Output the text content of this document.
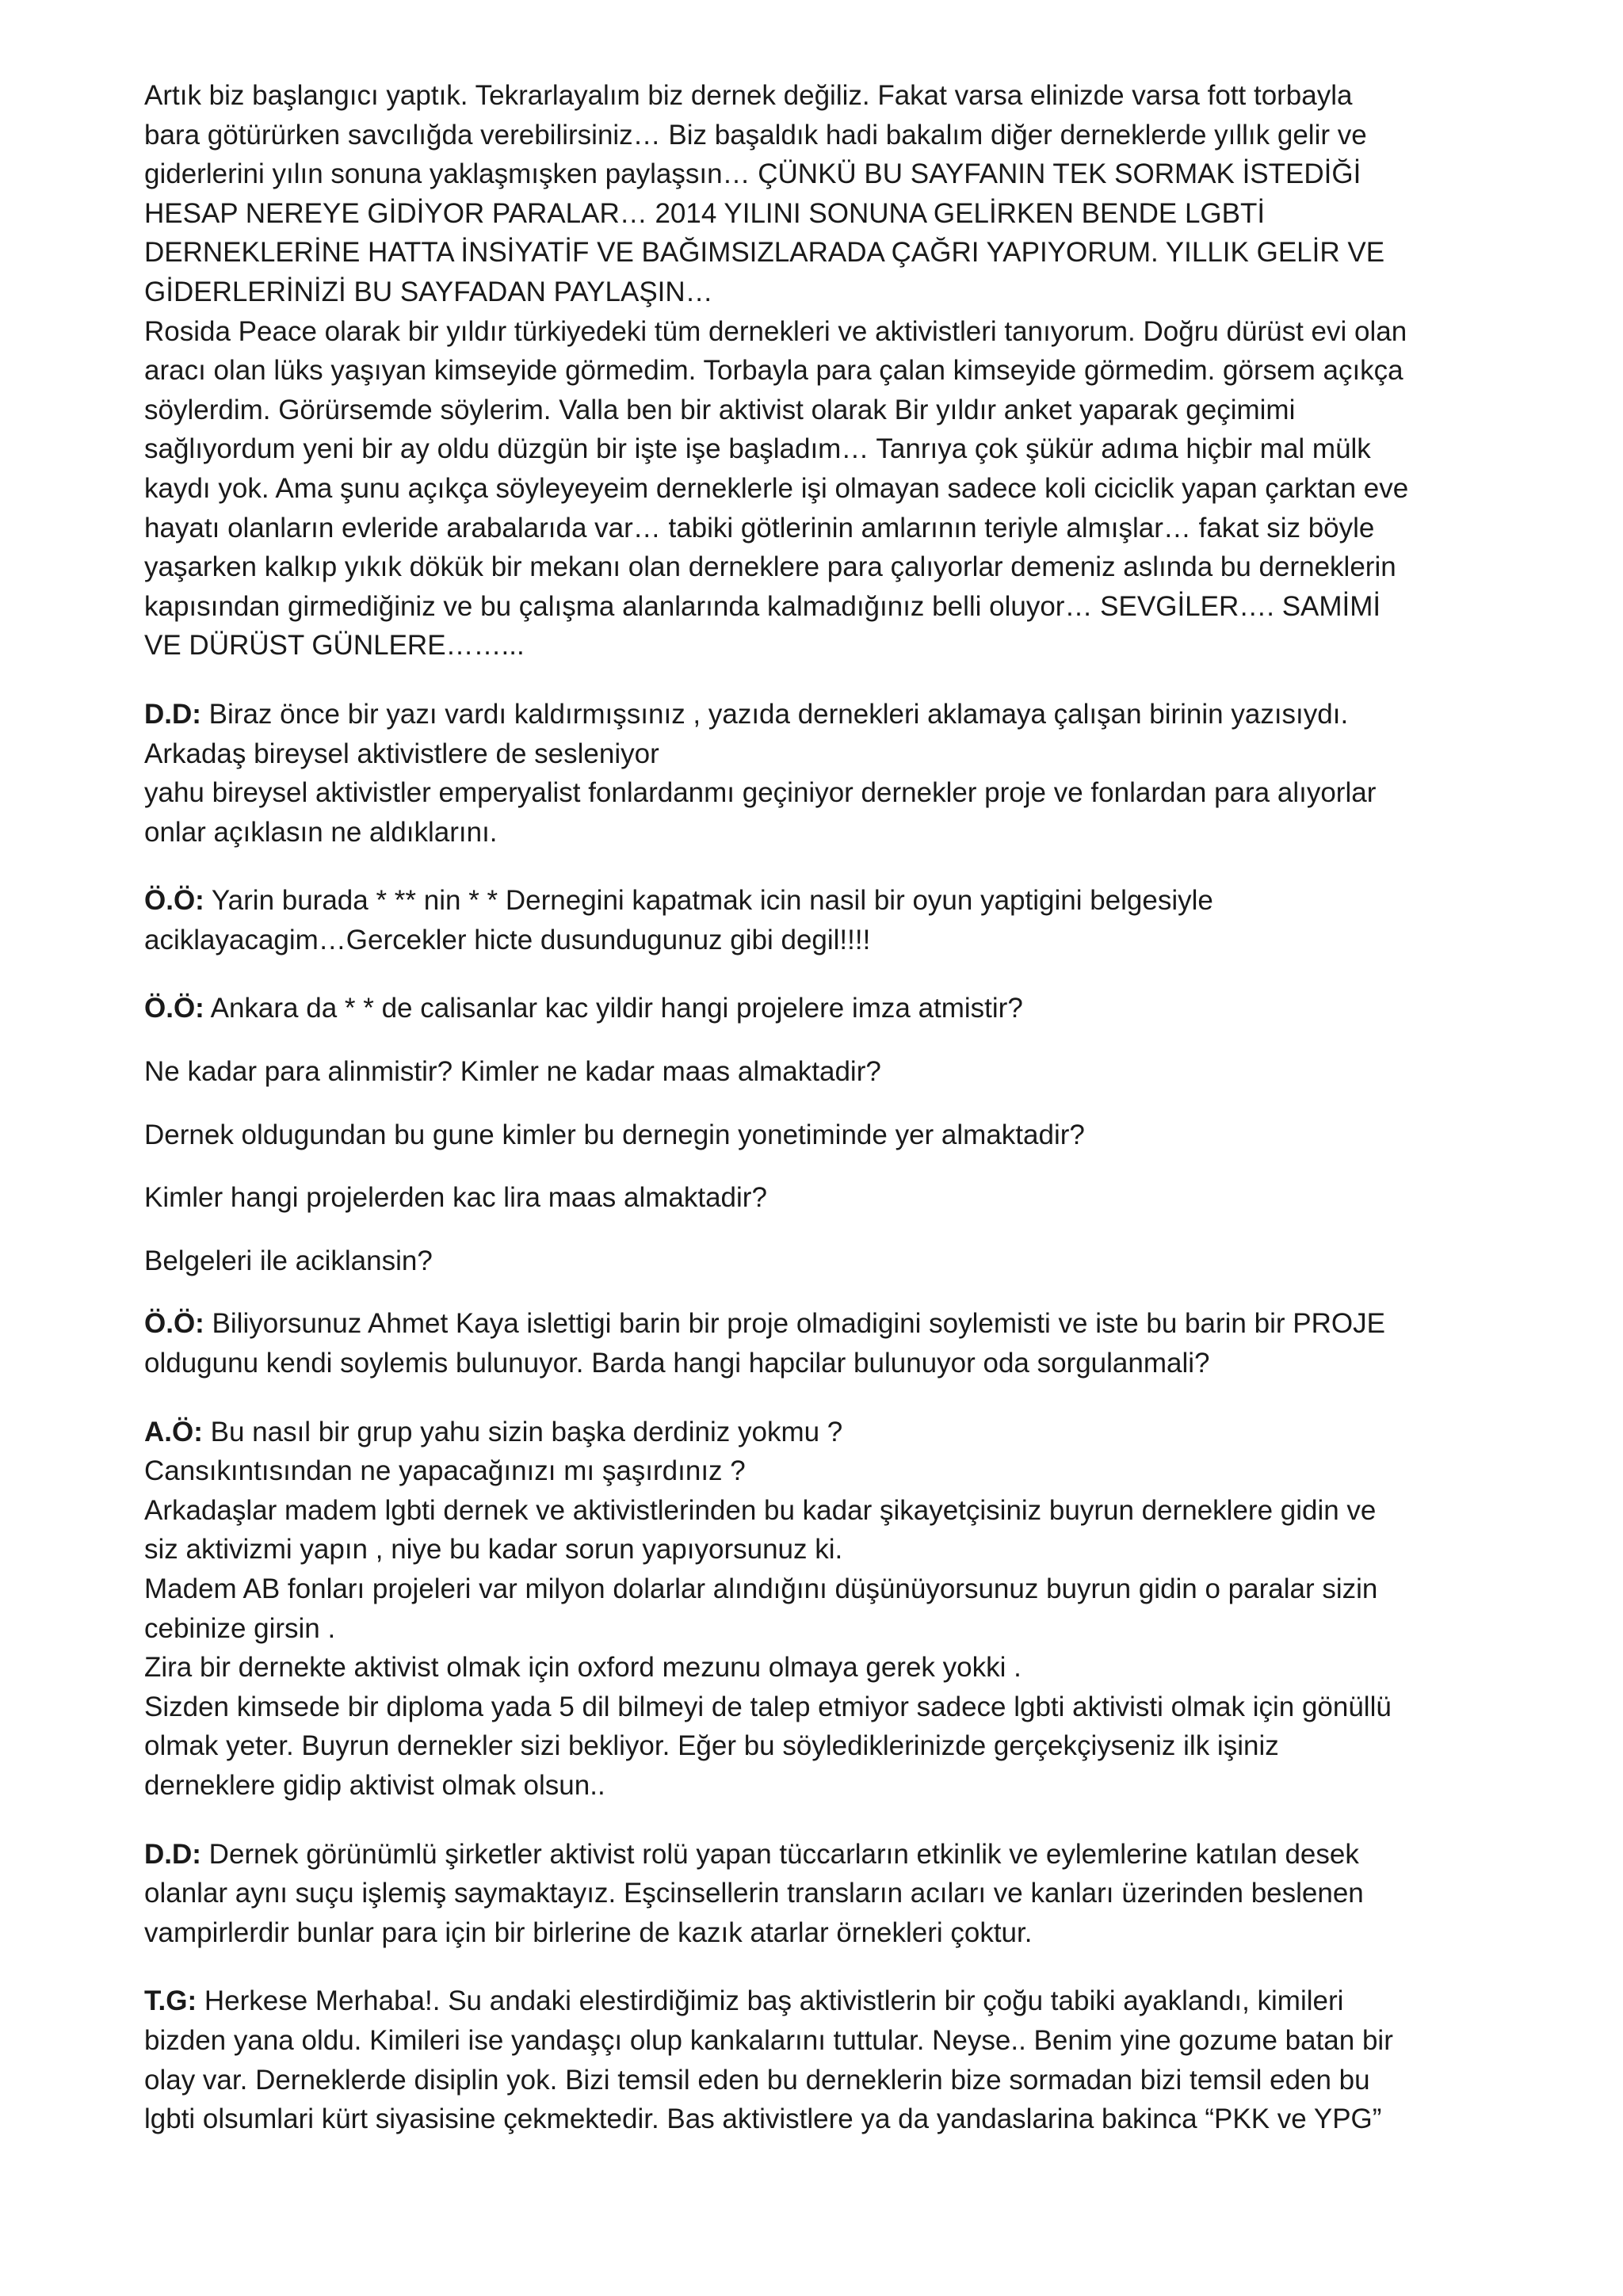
Artık biz başlangıcı yaptık. Tekrarlayalım biz dernek değiliz. Fakat varsa elinizde varsa fott torbayla
bara götürürken savcılığda verebilirsiniz… Biz başaldık hadi bakalım diğer derneklerde yıllık gelir ve
giderlerini yılın sonuna yaklaşmışken paylaşsın… ÇÜNKÜ BU SAYFANIN TEK SORMAK İSTEDİĞİ
HESAP NEREYE GİDİYOR PARALAR… 2014 YILINI SONUNA GELİRKEN BENDE LGBTİ
DERNEKLERİNE HATTA İNSİYATİF VE BAĞIMSIZLARADA ÇAĞRI YAPIYORUM. YILLIK GELİR VE
GİDERLERİNİZİ BU SAYFADAN PAYLAŞIN…
Rosida Peace olarak bir yıldır türkiyedeki tüm dernekleri ve aktivistleri tanıyorum. Doğru dürüst evi olan
aracı olan lüks yaşıyan kimseyide görmedim. Torbayla para çalan kimseyide görmedim. görsem açıkça
söylerdim. Görürsemde söylerim. Valla ben bir aktivist olarak Bir yıldır anket yaparak geçimimi
sağlıyordum yeni bir ay oldu düzgün bir işte işe başladım… Tanrıya çok şükür adıma hiçbir mal mülk
kaydı yok. Ama şunu açıkça söyleyeyeim derneklerle işi olmayan sadece koli ciciclik yapan çarktan eve
hayatı olanların evleride arabalarıda var… tabiki götlerinin amlarının teriyle almışlar… fakat siz böyle
yaşarken kalkıp yıkık dökük bir mekanı olan derneklere para çalıyorlar demeniz aslında bu derneklerin
kapısından girmediğiniz ve bu çalışma alanlarında kalmadığınız belli oluyor… SEVGİLER…. SAMİMİ
VE DÜRÜST GÜNLERE……...
D.D: Biraz önce bir yazı vardı kaldırmışsınız , yazıda dernekleri aklamaya çalışan birinin yazısıydı.
Arkadaş bireysel aktivistlere de sesleniyor
yahu bireysel aktivistler emperyalist fonlardanmı geçiniyor dernekler proje ve fonlardan para alıyorlar
onlar açıklasın ne aldıklarını.
Ö.Ö: Yarin burada * ** nin * * Dernegini kapatmak icin nasil bir oyun yaptigini belgesiyle
aciklayacagim…Gercekler hicte dusundugunuz gibi degil!!!!
Ö.Ö: Ankara da * * de calisanlar kac yildir hangi projelere imza atmistir?
Ne kadar para alinmistir? Kimler ne kadar maas almaktadir?
Dernek oldugundan bu gune kimler bu dernegin yonetiminde yer almaktadir?
Kimler hangi projelerden kac lira maas almaktadir?
Belgeleri ile aciklansin?
Ö.Ö: Biliyorsunuz Ahmet Kaya islettigi barin bir proje olmadigini soylemisti ve iste bu barin bir PROJE
oldugunu kendi soylemis bulunuyor. Barda hangi hapcilar bulunuyor oda sorgulanmali?
A.Ö: Bu nasıl bir grup yahu sizin başka derdiniz yokmu ?
Cansıkıntısından ne yapacağınızı mı şaşırdınız ?
Arkadaşlar madem lgbti dernek ve aktivistlerinden bu kadar şikayetçisiniz buyrun derneklere gidin ve
siz aktivizmi yapın , niye bu kadar sorun yapıyorsunuz ki.
Madem AB fonları projeleri var milyon dolarlar alındığını düşünüyorsunuz buyrun gidin o paralar sizin
cebinize girsin .
Zira bir dernekte aktivist olmak için oxford mezunu olmaya gerek yokki .
Sizden kimsede bir diploma yada 5 dil bilmeyi de talep etmiyor sadece lgbti aktivisti olmak için gönüllü
olmak yeter. Buyrun dernekler sizi bekliyor. Eğer bu söylediklerinizde gerçekçiyseniz ilk işiniz
derneklere gidip aktivist olmak olsun..
D.D: Dernek görünümlü şirketler aktivist rolü yapan tüccarların etkinlik ve eylemlerine katılan desek
olanlar aynı suçu işlemiş saymaktayız. Eşcinsellerin transların acıları ve kanları üzerinden beslenen
vampirlerdir bunlar para için bir birlerine de kazık atarlar örnekleri çoktur.
T.G: Herkese Merhaba!. Su andaki elestirdiğimiz baş aktivistlerin bir çoğu tabiki ayaklandı, kimileri
bizden yana oldu. Kimileri ise yandaşçı olup kankalarını tuttular. Neyse.. Benim yine gozume batan bir
olay var. Derneklerde disiplin yok. Bizi temsil eden bu derneklerin bize sormadan bizi temsil eden bu
lgbti olsumlari kürt siyasisine çekmektedir. Bas aktivistlere ya da yandaslarina bakinca “PKK ve YPG”
